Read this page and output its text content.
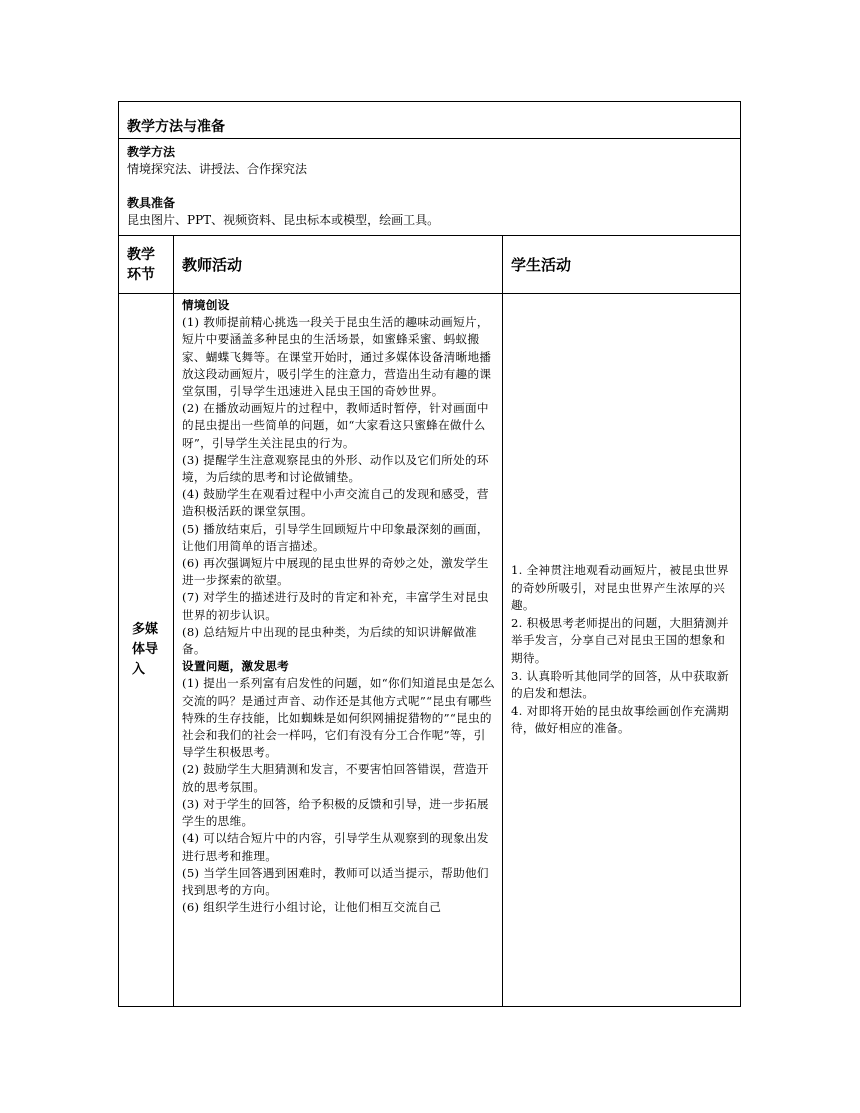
教学方法与准备
教学方法
情境探究法、讲授法、合作探究法
教具准备
昆虫图片、PPT、视频资料、昆虫标本或模型，绘画工具。
教学环节
教师活动	学生活动
多媒体导入
情境创设

(1) 教师提前精心挑选一段关于昆虫生活的趣味动画短片，短片中要涵盖多种昆虫的生活场景，如蜜蜂采蜜、蚂蚁搬家、蝴蝶飞舞等。在课堂开始时，通过多媒体设备清晰地播放这段动画短片，吸引学生的注意力，营造出生动有趣的课堂氛围，引导学生迅速进入昆虫王国的奇妙世界。

(2) 在播放动画短片的过程中，教师适时暂停，针对画面中的昆虫提出一些简单的问题，如“大家看这只蜜蜂在做什么呀”，引导学生关注昆虫的行为。

(3) 提醒学生注意观察昆虫的外形、动作以及它们所处的环境，为后续的思考和讨论做铺垫。

(4) 鼓励学生在观看过程中小声交流自己的发现和感受，营造积极活跃的课堂氛围。

(5) 播放结束后，引导学生回顾短片中印象最深刻的画面，让他们用简单的语言描述。

(6) 再次强调短片中展现的昆虫世界的奇妙之处，激发学生进一步探索的欲望。

(7) 对学生的描述进行及时的肯定和补充，丰富学生对昆虫世界的初步认识。

(8) 总结短片中出现的昆虫种类，为后续的知识讲解做准备。

设置问题，激发思考

(1) 提出一系列富有启发性的问题，如“你们知道昆虫是怎么交流的吗？是通过声音、动作还是其他方式呢”“昆虫有哪些特殊的生存技能，比如蜘蛛是如何织网捕捉猎物的”“昆虫的社会和我们的社会一样吗，它们有没有分工合作呢”等，引导学生积极思考。

(2) 鼓励学生大胆猜测和发言，不要害怕回答错误，营造开放的思考氛围。

(3) 对于学生的回答，给予积极的反馈和引导，进一步拓展学生的思维。

(4) 可以结合短片中的内容，引导学生从观察到的现象出发进行思考和推理。

(5) 当学生回答遇到困难时，教师可以适当提示，帮助他们找到思考的方向。

(6) 组织学生进行小组讨论，让他们相互交流自己

1. 全神贯注地观看动画短片，被昆虫世界的奇妙所吸引，对昆虫世界产生浓厚的兴趣。

2. 积极思考老师提出的问题，大胆猜测并举手发言，分享自己对昆虫王国的想象和期待。

3. 认真聆听其他同学的回答，从中获取新的启发和想法。

4. 对即将开始的昆虫故事绘画创作充满期待，做好相应的准备。
